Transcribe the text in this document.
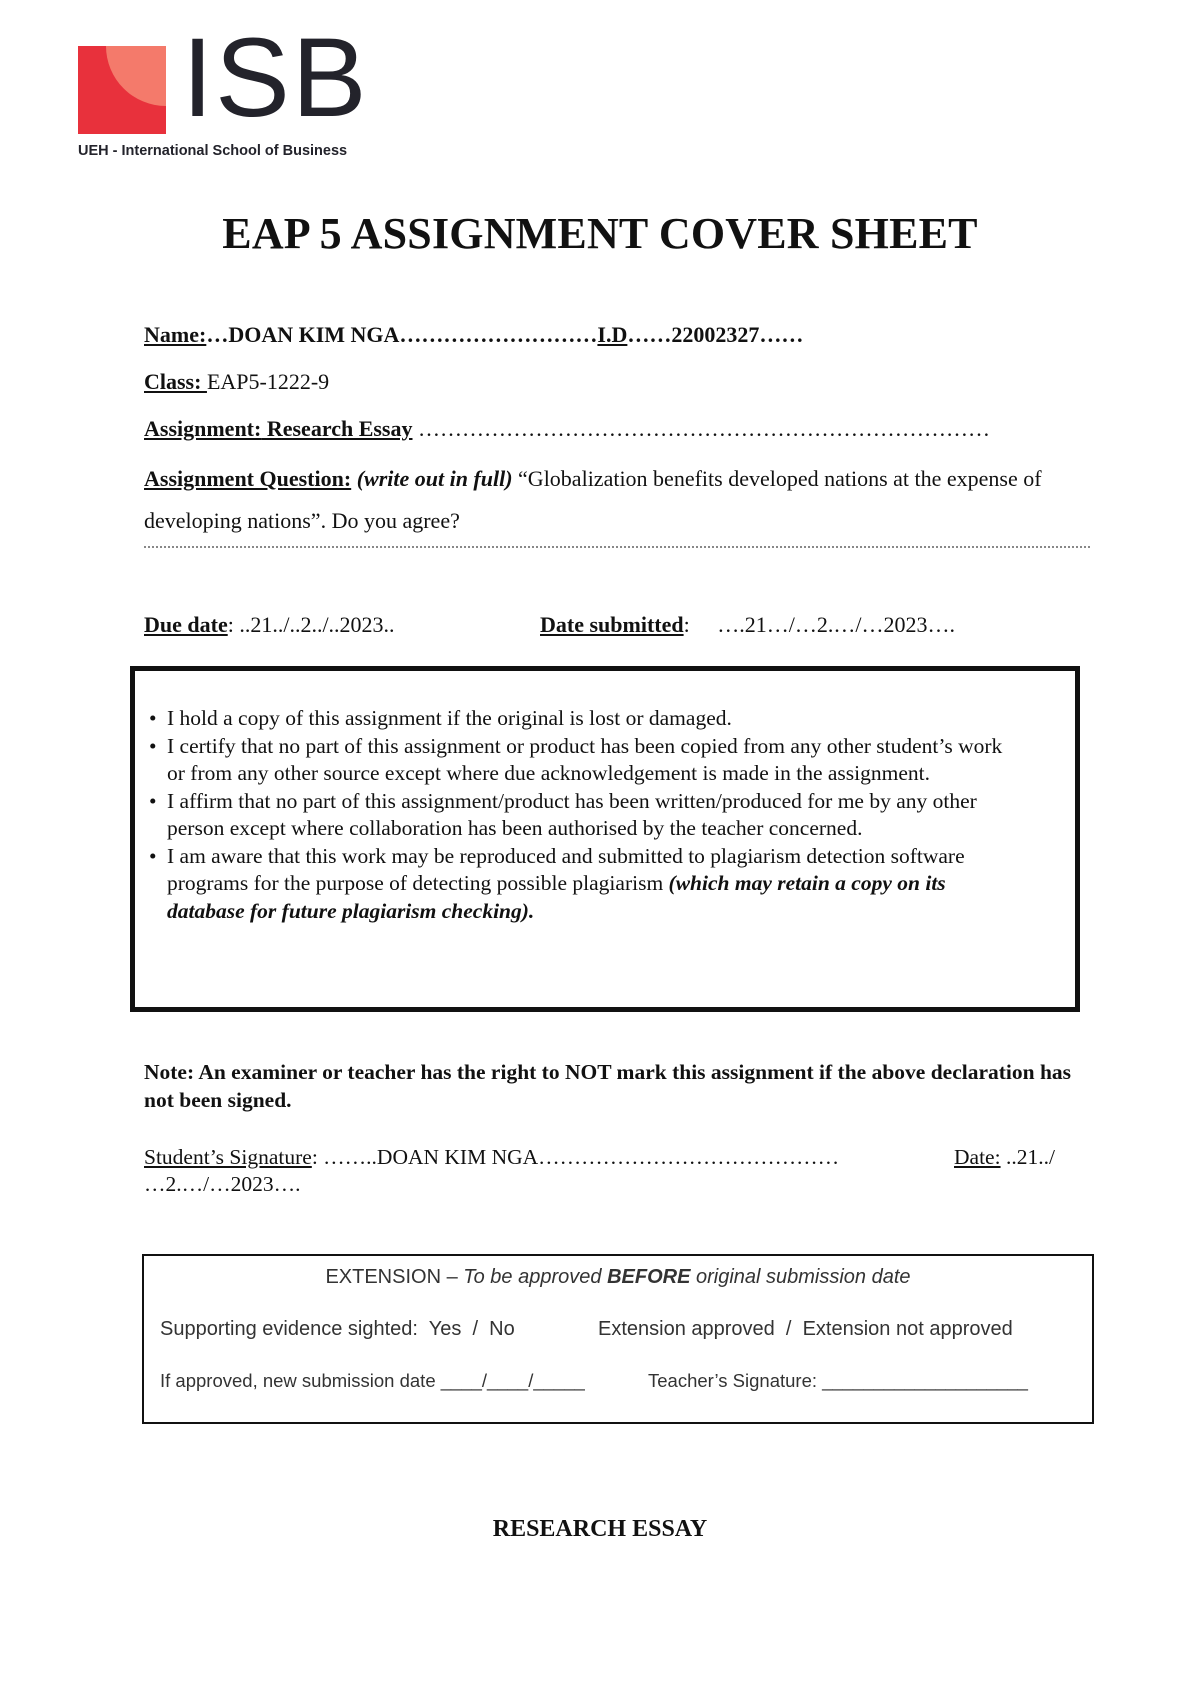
ISB
UEH - International School of Business
EAP 5 ASSIGNMENT COVER SHEET
Name:…DOAN KIM NGA………………………I.D……22002327……
Class: EAP5-1222-9
Assignment: Research Essay ……………………………………………………………………
Assignment Question: (write out in full) “Globalization benefits developed nations at the expense of developing nations”. Do you agree?
Due date: ..21../..2../..2023..	Date submitted:     ….21…/…2.…/…2023….
• I hold a copy of this assignment if the original is lost or damaged.
• I certify that no part of this assignment or product has been copied from any other student’s work or from any other source except where due acknowledgement is made in the assignment.
• I affirm that no part of this assignment/product has been written/produced for me by any other person except where collaboration has been authorised by the teacher concerned.
• I am aware that this work may be reproduced and submitted to plagiarism detection software programs for the purpose of detecting possible plagiarism (which may retain a copy on its database for future plagiarism checking).
Note: An examiner or teacher has the right to NOT mark this assignment if the above declaration has not been signed.
Student’s Signature: ……..DOAN KIM NGA……………………………………
…2.…/…2023….
Date: ..21../
EXTENSION – To be approved BEFORE original submission date
Supporting evidence sighted:  Yes  /  No	Extension approved  /  Extension not approved
If approved, new submission date ____/____/_____	Teacher’s Signature: ____________________
RESEARCH ESSAY
